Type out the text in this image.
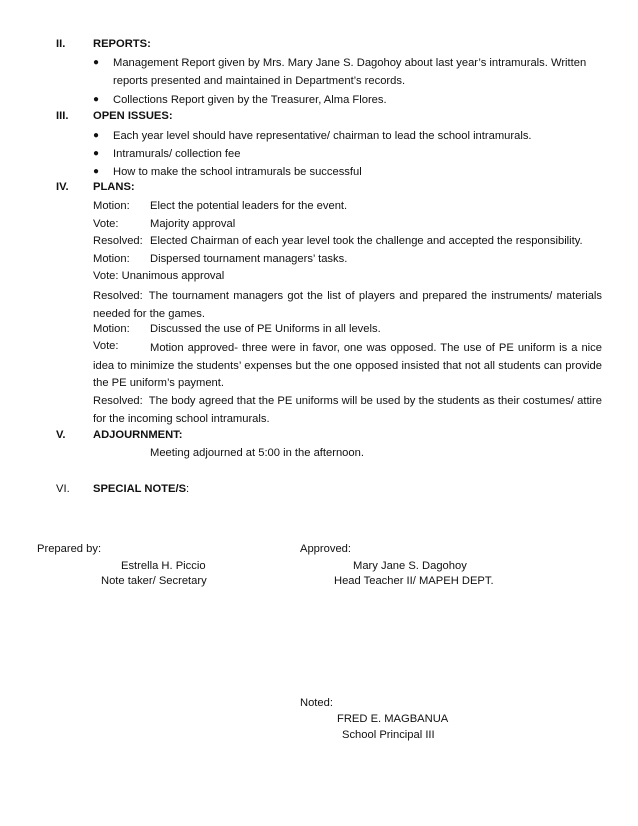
II. REPORTS:
● Management Report given by Mrs. Mary Jane S. Dagohoy about last year’s intramurals. Written reports presented and maintained in Department’s records.
● Collections Report given by the Treasurer, Alma Flores.
III. OPEN ISSUES:
● Each year level should have representative/ chairman to lead the school intramurals.
● Intramurals/ collection fee
● How to make the school intramurals be successful
IV. PLANS:
Motion: Elect the potential leaders for the event.
Vote:	Majority approval
Resolved: Elected Chairman of each year level took the challenge and accepted the responsibility.
Motion: Dispersed tournament managers’ tasks.
Vote: Unanimous approval
Resolved: The tournament managers got the list of players and prepared the instruments/ materials needed for the games.
Motion: Discussed the use of PE Uniforms in all levels.
Vote:	Motion approved- three were in favor, one was opposed. The use of PE uniform is a nice idea to minimize the students’ expenses but the one opposed insisted that not all students can provide the PE uniform’s payment.
Resolved: The body agreed that the PE uniforms will be used by the students as their costumes/ attire for the incoming school intramurals.
V. ADJOURNMENT:
Meeting adjourned at 5:00 in the afternoon.
VI. SPECIAL NOTE/S:
Prepared by:
Estrella H. Piccio
Note taker/ Secretary
Approved:
Mary Jane S. Dagohoy
Head Teacher II/ MAPEH DEPT.
Noted:
FRED E. MAGBANUA
School Principal III
